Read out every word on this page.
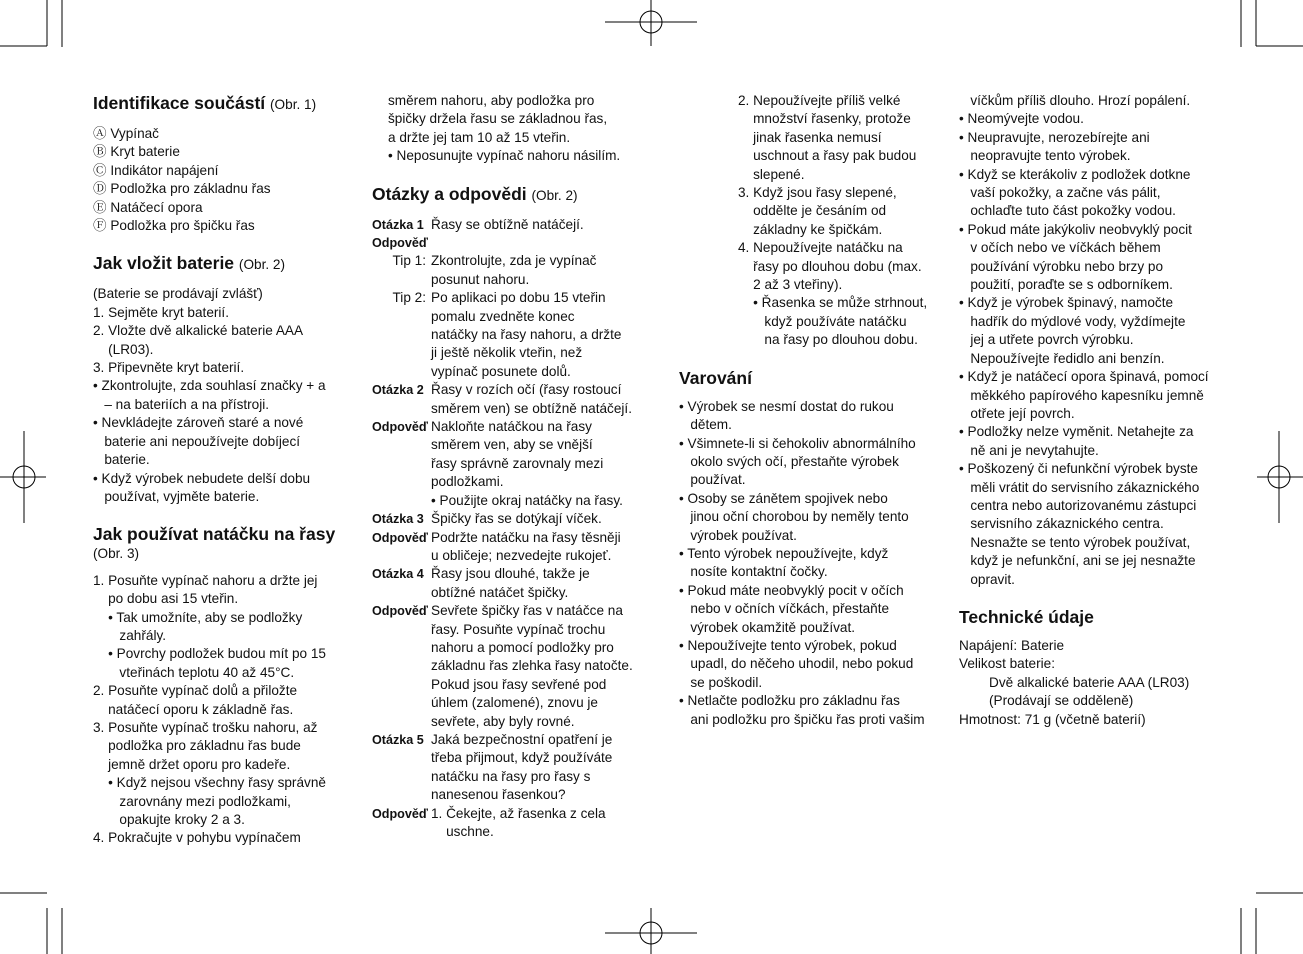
Identifikace součástí (Obr. 1)
Ⓐ Vypínač
Ⓑ Kryt baterie
Ⓒ Indikátor napájení
Ⓓ Podložka pro základnu řas
Ⓔ Natáčecí opora
Ⓕ Podložka pro špičku řas
Jak vložit baterie (Obr. 2)
(Baterie se prodávají zvlášť)
1. Sejměte kryt baterií.
2. Vložte dvě alkalické baterie AAA
(LR03).
3. Připevněte kryt baterií.
• Zkontrolujte, zda souhlasí značky + a
– na bateriích a na přístroji.
• Nevkládejte zároveň staré a nové
baterie ani nepoužívejte dobíjecí
baterie.
• Když výrobek nebudete delší dobu
používat, vyjměte baterie.
Jak používat natáčku na řasy
(Obr. 3)
1. Posuňte vypínač nahoru a držte jej
po dobu asi 15 vteřin.
• Tak umožníte, aby se podložky
zahřály.
• Povrchy podložek budou mít po 15
vteřinách teplotu 40 až 45°C.
2. Posuňte vypínač dolů a přiložte
natáčecí oporu k základně řas.
3. Posuňte vypínač trošku nahoru, až
podložka pro základnu řas bude
jemně držet oporu pro kadeře.
• Když nejsou všechny řasy správně
zarovnány mezi podložkami,
opakujte kroky 2 a 3.
4. Pokračujte v pohybu vypínačem
směrem nahoru, aby podložka pro
špičky držela řasu se základnou řas,
a držte jej tam 10 až 15 vteřin.
• Neposunujte vypínač nahoru násilím.
Otázky a odpovědi (Obr. 2)
Otázka 1 Řasy se obtížně natáčejí.
Odpověď
Tip 1: Zkontrolujte, zda je vypínač
posunut nahoru.
Tip 2: Po aplikaci po dobu 15 vteřin
pomalu zvedněte konec
natáčky na řasy nahoru, a držte
ji ještě několik vteřin, než
vypínač posunete dolů.
Otázka 2 Řasy v rozích očí (řasy rostoucí
směrem ven) se obtížně natáčejí.
Odpověď Nakloňte natáčkou na řasy
směrem ven, aby se vnější
řasy správně zarovnaly mezi
podložkami.
• Použijte okraj natáčky na řasy.
Otázka 3 Špičky řas se dotýkají víček.
Odpověď Podržte natáčku na řasy těsněji
u obličeje; nezvedejte rukojeť.
Otázka 4 Řasy jsou dlouhé, takže je
obtížné natáčet špičky.
Odpověď Sevřete špičky řas v natáčce na
řasy. Posuňte vypínač trochu
nahoru a pomocí podložky pro
základnu řas zlehka řasy natočte.
Pokud jsou řasy sevřené pod
úhlem (zalomené), znovu je
sevřete, aby byly rovné.
Otázka 5 Jaká bezpečnostní opatření je
třeba přijmout, když používáte
natáčku na řasy pro řasy s
nanesenou řasenkou?
Odpověď 1. Čekejte, až řasenka z cela
uschne.
2. Nepoužívejte příliš velké
množství řasenky, protože
jinak řasenka nemusí
uschnout a řasy pak budou
slepené.
3. Když jsou řasy slepené,
oddělte je česáním od
základny ke špičkám.
4. Nepoužívejte natáčku na
řasy po dlouhou dobu (max.
2 až 3 vteřiny).
• Řasenka se může strhnout,
když používáte natáčku
na řasy po dlouhou dobu.
Varování
• Výrobek se nesmí dostat do rukou
dětem.
• Všimnete-li si čehokoliv abnormálního
okolo svých očí, přestaňte výrobek
používat.
• Osoby se zánětem spojivek nebo
jinou oční chorobou by neměly tento
výrobek používat.
• Tento výrobek nepoužívejte, když
nosíte kontaktní čočky.
• Pokud máte neobvyklý pocit v očích
nebo v očních víčkách, přestaňte
výrobek okamžitě používat.
• Nepoužívejte tento výrobek, pokud
upadl, do něčeho uhodil, nebo pokud
se poškodil.
• Netlačte podložku pro základnu řas
ani podložku pro špičku řas proti vašim
víčkům příliš dlouho. Hrozí popálení.
• Neomývejte vodou.
• Neupravujte, nerozebírejte ani
neopravujte tento výrobek.
• Když se kterákoliv z podložek dotkne
vaší pokožky, a začne vás pálit,
ochlaďte tuto část pokožky vodou.
• Pokud máte jakýkoliv neobvyklý pocit
v očích nebo ve víčkách během
používání výrobku nebo brzy po
použití, poraďte se s odborníkem.
• Když je výrobek špinavý, namočte
hadřík do mýdlové vody, vyždímejte
jej a utřete povrch výrobku.
Nepoužívejte ředidlo ani benzín.
• Když je natáčecí opora špinavá, pomocí
měkkého papírového kapesníku jemně
otřete její povrch.
• Podložky nelze vyměnit. Netahejte za
ně ani je nevytahujte.
• Poškozený či nefunkční výrobek byste
měli vrátit do servisního zákaznického
centra nebo autorizovanému zástupci
servisního zákaznického centra.
Nesnažte se tento výrobek používat,
když je nefunkční, ani se jej nesnažte
opravit.
Technické údaje
Napájení: Baterie
Velikost baterie:
Dvě alkalické baterie AAA (LR03)
(Prodávají se odděleně)
Hmotnost: 71 g (včetně baterií)
